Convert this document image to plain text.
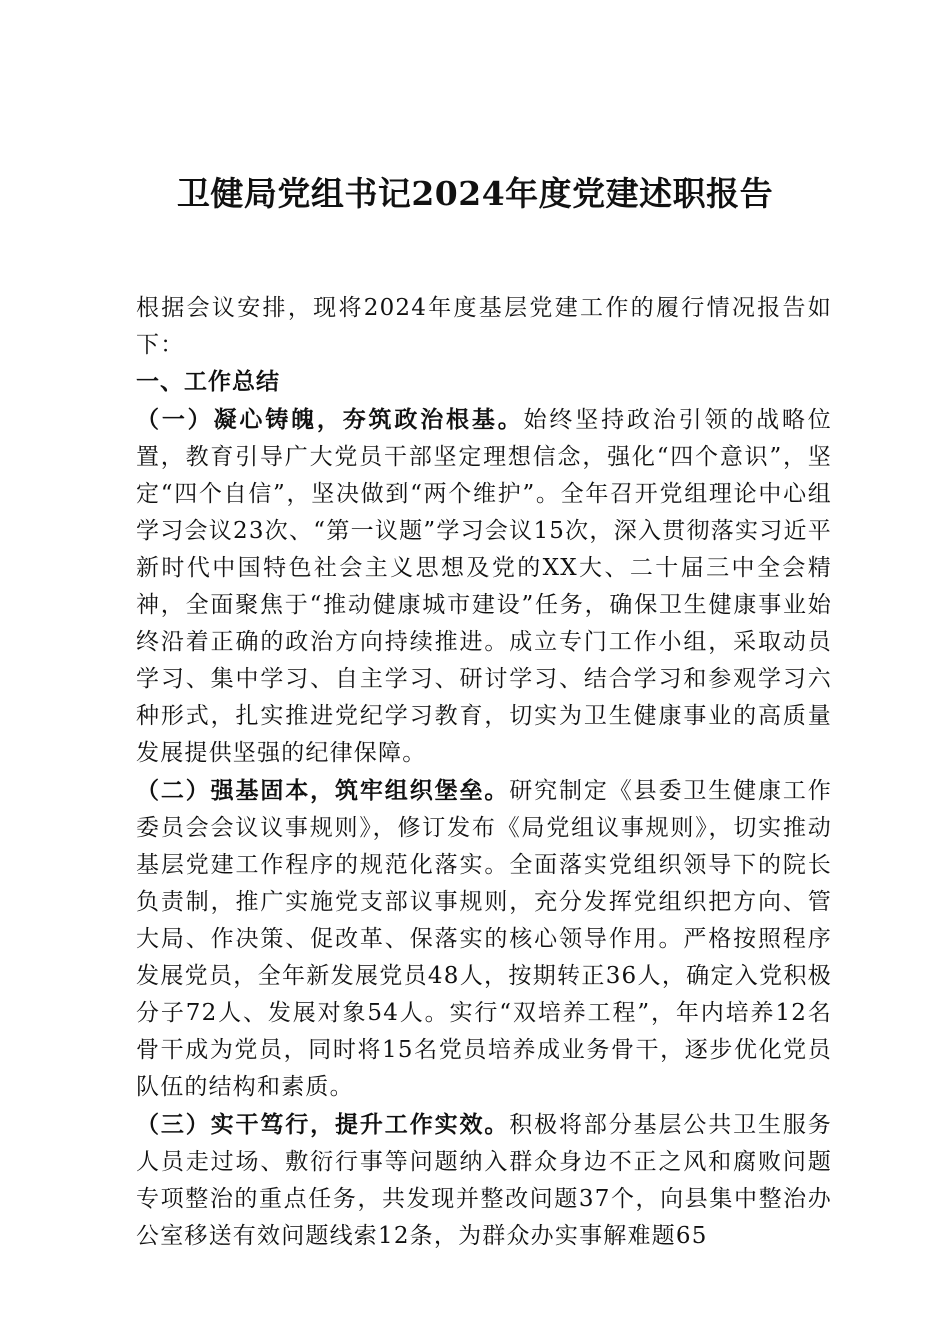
卫健局党组书记2024年度党建述职报告

根据会议安排，现将2024年度基层党建工作的履行情况报告如下：

一、工作总结

（一）凝心铸魄，夯筑政治根基。始终坚持政治引领的战略位置，教育引导广大党员干部坚定理想信念，强化“四个意识”，坚定“四个自信”，坚决做到“两个维护”。全年召开党组理论中心组学习会议23次、“第一议题”学习会议15次，深入贯彻落实习近平新时代中国特色社会主义思想及党的XX大、二十届三中全会精神，全面聚焦于“推动健康城市建设”任务，确保卫生健康事业始终沿着正确的政治方向持续推进。成立专门工作小组，采取动员学习、集中学习、自主学习、研讨学习、结合学习和参观学习六种形式，扎实推进党纪学习教育，切实为卫生健康事业的高质量发展提供坚强的纪律保障。

（二）强基固本，筑牢组织堡垒。研究制定《县委卫生健康工作委员会会议议事规则》，修订发布《局党组议事规则》，切实推动基层党建工作程序的规范化落实。全面落实党组织领导下的院长负责制，推广实施党支部议事规则，充分发挥党组织把方向、管大局、作决策、促改革、保落实的核心领导作用。严格按照程序发展党员，全年新发展党员48人，按期转正36人，确定入党积极分子72人、发展对象54人。实行“双培养工程”，年内培养12名骨干成为党员，同时将15名党员培养成业务骨干，逐步优化党员队伍的结构和素质。

（三）实干笃行，提升工作实效。积极将部分基层公共卫生服务人员走过场、敷衍行事等问题纳入群众身边不正之风和腐败问题专项整治的重点任务，共发现并整改问题37个，向县集中整治办公室移送有效问题线索12条，为群众办实事解难题65
